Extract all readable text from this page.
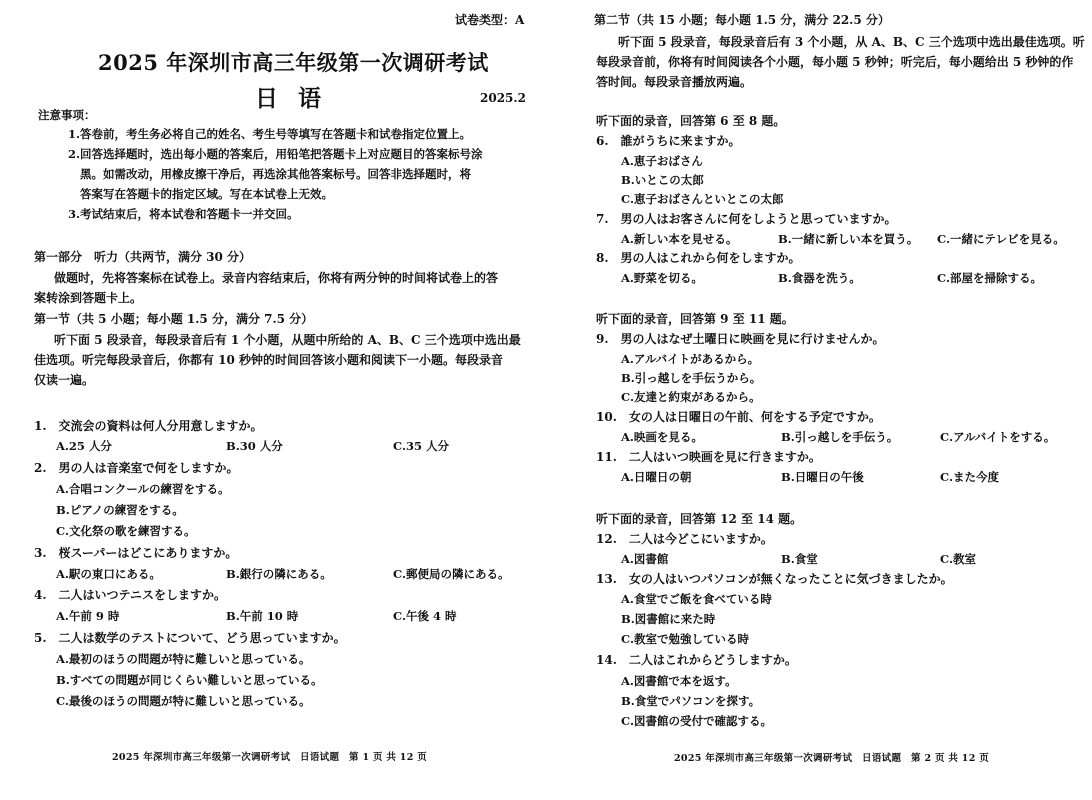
试卷类型：A
2025 年深圳市高三年级第一次调研考试
日 语	2025.2
注意事项：
1.答卷前，考生务必将自己的姓名、考生号等填写在答题卡和试卷指定位置上。
2.回答选择题时，选出每小题的答案后，用铅笔把答题卡上对应题目的答案标号涂
黑。如需改动，用橡皮擦干净后，再选涂其他答案标号。回答非选择题时，将
答案写在答题卡的指定区域。写在本试卷上无效。
3.考试结束后，将本试卷和答题卡一并交回。
第一部分　听力（共两节，满分 30 分）
做题时，先将答案标在试卷上。录音内容结束后，你将有两分钟的时间将试卷上的答
案转涂到答题卡上。
第一节（共 5 小题；每小题 1.5 分，满分 7.5 分）
听下面 5 段录音，每段录音后有 1 个小题，从题中所给的 A、B、C 三个选项中选出最
佳选项。听完每段录音后，你都有 10 秒钟的时间回答该小题和阅读下一小题。每段录音
仅读一遍。
1.　交流会の資料は何人分用意しますか。
A.25 人分	B.30 人分	C.35 人分
2.　男の人は音楽室で何をしますか。
A.合唱コンクールの練習をする。
B.ピアノの練習をする。
C.文化祭の歌を練習する。
3.　桜スーパーはどこにありますか。
A.駅の東口にある。	B.銀行の隣にある。	C.郵便局の隣にある。
4.　二人はいつテニスをしますか。
A.午前 9 時	B.午前 10 時	C.午後 4 時
5.　二人は数学のテストについて、どう思っていますか。
A.最初のほうの問題が特に難しいと思っている。
B.すべての問題が同じくらい難しいと思っている。
C.最後のほうの問題が特に難しいと思っている。
2025 年深圳市高三年级第一次调研考试　日语试题　第 1 页 共 12 页
第二节（共 15 小题；每小题 1.5 分，满分 22.5 分）
听下面 5 段录音，每段录音后有 3 个小题，从 A、B、C 三个选项中选出最佳选项。听
每段录音前，你将有时间阅读各个小题，每小题 5 秒钟；听完后，每小题给出 5 秒钟的作
答时间。每段录音播放两遍。
听下面的录音，回答第 6 至 8 题。
6.　誰がうちに来ますか。
A.恵子おばさん
B.いとこの太郎
C.恵子おばさんといとこの太郎
7.　男の人はお客さんに何をしようと思っていますか。
A.新しい本を見せる。	B.一緒に新しい本を買う。 C.一緒にテレビを見る。
8.　男の人はこれから何をしますか。
A.野菜を切る。	B.食器を洗う。	C.部屋を掃除する。
听下面的录音，回答第 9 至 11 题。
9.　男の人はなぜ土曜日に映画を見に行けませんか。
A.アルバイトがあるから。
B.引っ越しを手伝うから。
C.友達と約束があるから。
10.　女の人は日曜日の午前、何をする予定ですか。
A.映画を見る。	B.引っ越しを手伝う。	C.アルバイトをする。
11.　二人はいつ映画を見に行きますか。
A.日曜日の朝	B.日曜日の午後	C.また今度
听下面的录音，回答第 12 至 14 题。
12.　二人は今どこにいますか。
A.図書館	B.食堂	C.教室
13.　女の人はいつパソコンが無くなったことに気づきましたか。
A.食堂でご飯を食べている時
B.図書館に来た時
C.教室で勉強している時
14.　二人はこれからどうしますか。
A.図書館で本を返す。
B.食堂でパソコンを探す。
C.図書館の受付で確認する。
2025 年深圳市高三年级第一次调研考试　日语试题　第 2 页 共 12 页
